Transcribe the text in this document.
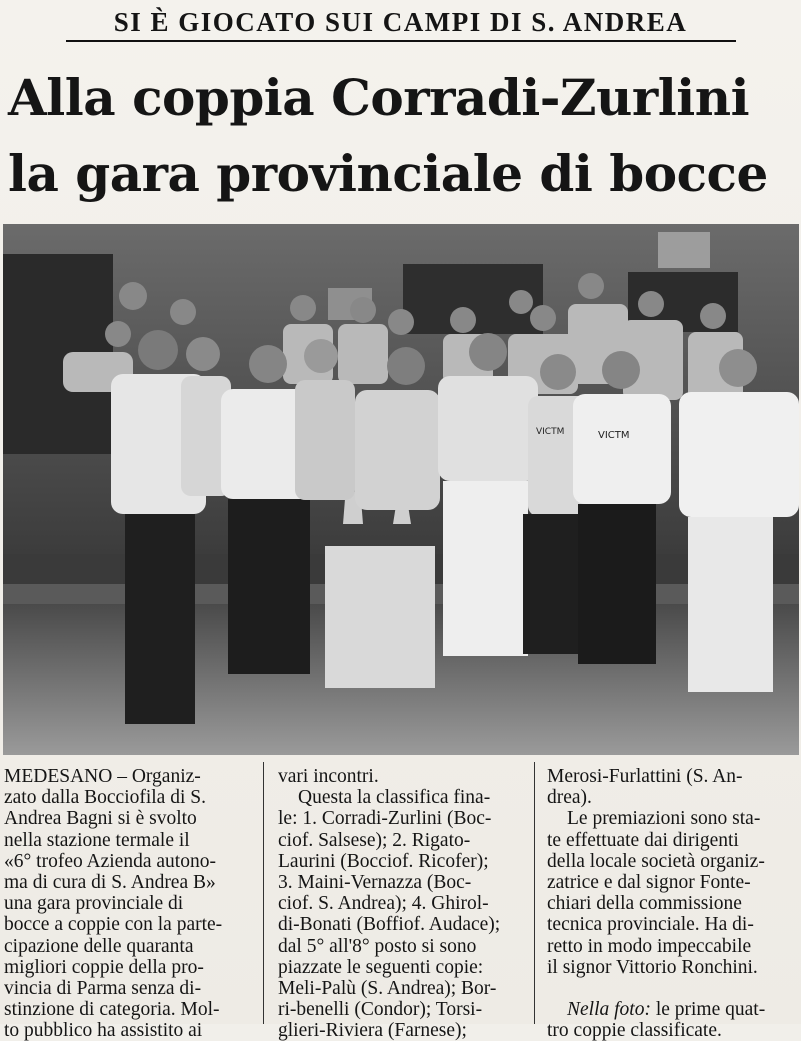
SI È GIOCATO SUI CAMPI DI S. ANDREA
Alla coppia Corradi-Zurlini
la gara provinciale di bocce
VICTM	VICTM
MEDESANO – Organiz-
zato dalla Bocciofila di S.
Andrea Bagni si è svolto
nella stazione termale il
«6° trofeo Azienda autono-
ma di cura di S. Andrea B»
una gara provinciale di
bocce a coppie con la parte-
cipazione delle quaranta
migliori coppie della pro-
vincia di Parma senza di-
stinzione di categoria. Mol-
to pubblico ha assistito ai
vari incontri.
Questa la classifica fina-
le: 1. Corradi-Zurlini (Boc-
ciof. Salsese); 2. Rigato-
Laurini (Bocciof. Ricofer);
3. Maini-Vernazza (Boc-
ciof. S. Andrea); 4. Ghirol-
di-Bonati (Boffiof. Audace);
dal 5° all'8° posto si sono
piazzate le seguenti copie:
Meli-Palù (S. Andrea); Bor-
ri-benelli (Condor); Torsi-
glieri-Riviera (Farnese);
Merosi-Furlattini (S. An-
drea).
Le premiazioni sono sta-
te effettuate dai dirigenti
della locale società organiz-
zatrice e dal signor Fonte-
chiari della commissione
tecnica provinciale. Ha di-
retto in modo impeccabile
il signor Vittorio Ronchini.
Nella foto: le prime quat-
tro coppie classificate.
